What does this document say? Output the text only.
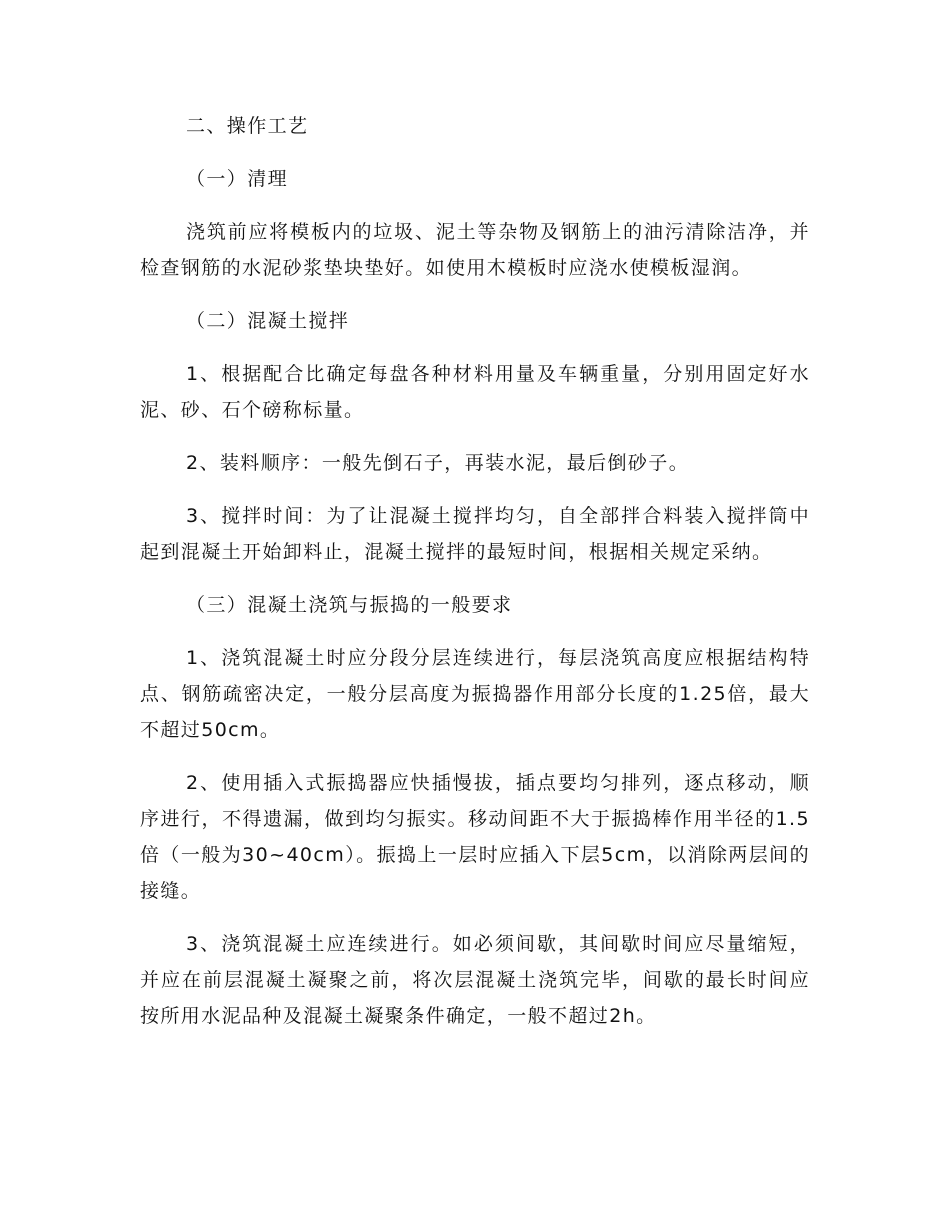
二、操作工艺

（一）清理

浇筑前应将模板内的垃圾、泥土等杂物及钢筋上的油污清除洁净，并检查钢筋的水泥砂浆垫块垫好。如使用木模板时应浇水使模板湿润。

（二）混凝土搅拌

1、根据配合比确定每盘各种材料用量及车辆重量，分别用固定好水泥、砂、石个磅称标量。

2、装料顺序：一般先倒石子，再装水泥，最后倒砂子。

3、搅拌时间：为了让混凝土搅拌均匀，自全部拌合料装入搅拌筒中起到混凝土开始卸料止，混凝土搅拌的最短时间，根据相关规定采纳。

（三）混凝土浇筑与振捣的一般要求

1、浇筑混凝土时应分段分层连续进行，每层浇筑高度应根据结构特点、钢筋疏密决定，一般分层高度为振捣器作用部分长度的1.25倍，最大不超过50cm。

2、使用插入式振捣器应快插慢拔，插点要均匀排列，逐点移动，顺序进行，不得遗漏，做到均匀振实。移动间距不大于振捣棒作用半径的1.5倍（一般为30~40cm）。振捣上一层时应插入下层5cm，以消除两层间的接缝。

3、浇筑混凝土应连续进行。如必须间歇，其间歇时间应尽量缩短，并应在前层混凝土凝聚之前，将次层混凝土浇筑完毕，间歇的最长时间应按所用水泥品种及混凝土凝聚条件确定，一般不超过2h。
